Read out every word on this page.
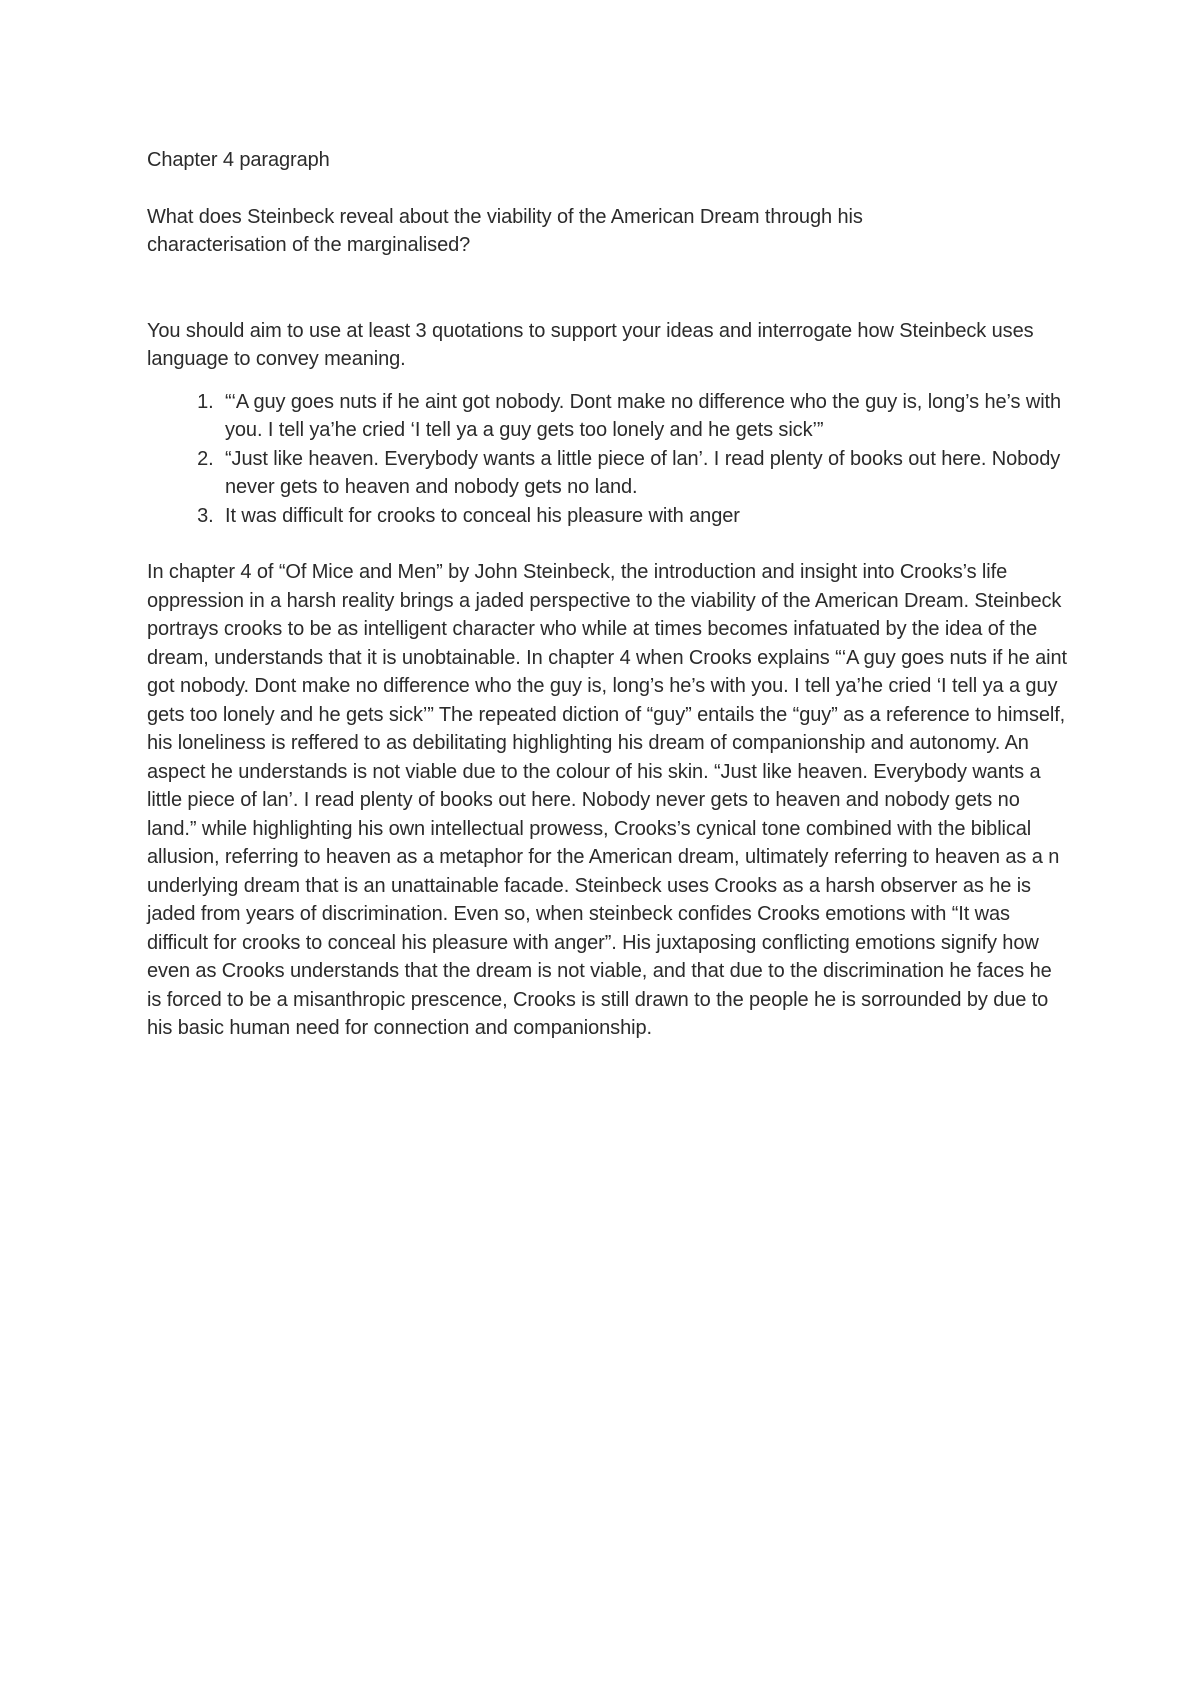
Chapter 4 paragraph

What does Steinbeck reveal about the viability of the American Dream through his characterisation of the marginalised?

You should aim to use at least 3 quotations to support your ideas and interrogate how Steinbeck uses language to convey meaning.

1. “‘A guy goes nuts if he aint got nobody. Dont make no difference who the guy is, long’s he’s with you. I tell ya’he cried ‘I tell ya a guy gets too lonely and he gets sick’”
2. “Just like heaven. Everybody wants a little piece of lan’. I read plenty of books out here. Nobody never gets to heaven and nobody gets no land.
3. It was difficult for crooks to conceal his pleasure with anger

In chapter 4 of “Of Mice and Men” by John Steinbeck, the introduction and insight into Crooks’s life oppression in a harsh reality brings a jaded perspective to the viability of the American Dream. Steinbeck portrays crooks to be as intelligent character who while at times becomes infatuated by the idea of the dream, understands that it is unobtainable. In chapter 4 when Crooks explains “‘A guy goes nuts if he aint got nobody. Dont make no difference who the guy is, long’s he’s with you. I tell ya’he cried ‘I tell ya a guy gets too lonely and he gets sick’” The repeated diction of “guy” entails the “guy” as a reference to himself, his loneliness is reffered to as debilitating highlighting his dream of companionship and autonomy. An aspect he understands is not viable due to the colour of his skin. “Just like heaven. Everybody wants a little piece of lan’. I read plenty of books out here. Nobody never gets to heaven and nobody gets no land.” while highlighting his own intellectual prowess, Crooks’s cynical tone combined with the biblical allusion, referring to heaven as a metaphor for the American dream, ultimately referring to heaven as a n underlying dream that is an unattainable facade. Steinbeck uses Crooks as a harsh observer as he is jaded from years of discrimination. Even so, when steinbeck confides Crooks emotions with “It was difficult for crooks to conceal his pleasure with anger”. His juxtaposing conflicting emotions signify how even as Crooks understands that the dream is not viable, and that due to the discrimination he faces he is forced to be a misanthropic prescence, Crooks is still drawn to the people he is sorrounded by due to his basic human need for connection and companionship.
